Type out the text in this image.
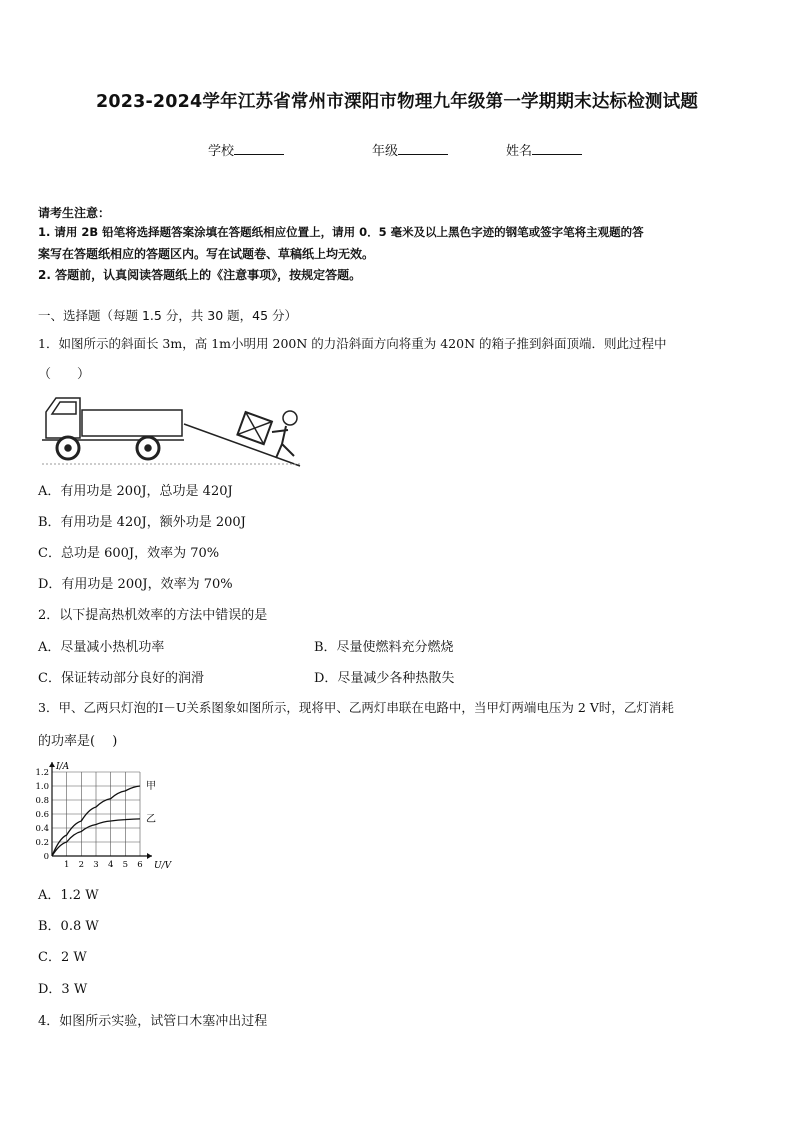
2023-2024学年江苏省常州市溧阳市物理九年级第一学期期末达标检测试题
学校	年级	姓名
请考生注意：
1. 请用 2B 铅笔将选择题答案涂填在答题纸相应位置上，请用 0．5 毫米及以上黑色字迹的钢笔或签字笔将主观题的答
案写在答题纸相应的答题区内。写在试题卷、草稿纸上均无效。
2. 答题前，认真阅读答题纸上的《注意事项》，按规定答题。
一、选择题（每题 1.5 分，共 30 题，45 分）
1．如图所示的斜面长 3m，高 1m小明用 200N 的力沿斜面方向将重为 420N 的箱子推到斜面顶端．则此过程中
（　　）
A．有用功是 200J，总功是 420J
B．有用功是 420J，额外功是 200J
C．总功是 600J，效率为 70%
D．有用功是 200J，效率为 70%
2．以下提高热机效率的方法中错误的是
A．尽量减小热机功率	B．尽量使燃料充分燃烧
C．保证转动部分良好的润滑	D．尽量减少各种热散失
3．甲、乙两只灯泡的I－U关系图象如图所示，现将甲、乙两灯串联在电路中，当甲灯两端电压为 2 V时，乙灯消耗
的功率是(　 )
1 2 3 4 5 6
0
0.2
0.4
0.6
0.8
1.0
1.2
U/V
I/A
甲
乙
A．1.2 W
B．0.8 W
C．2 W
D．3 W
4．如图所示实验，试管口木塞冲出过程
